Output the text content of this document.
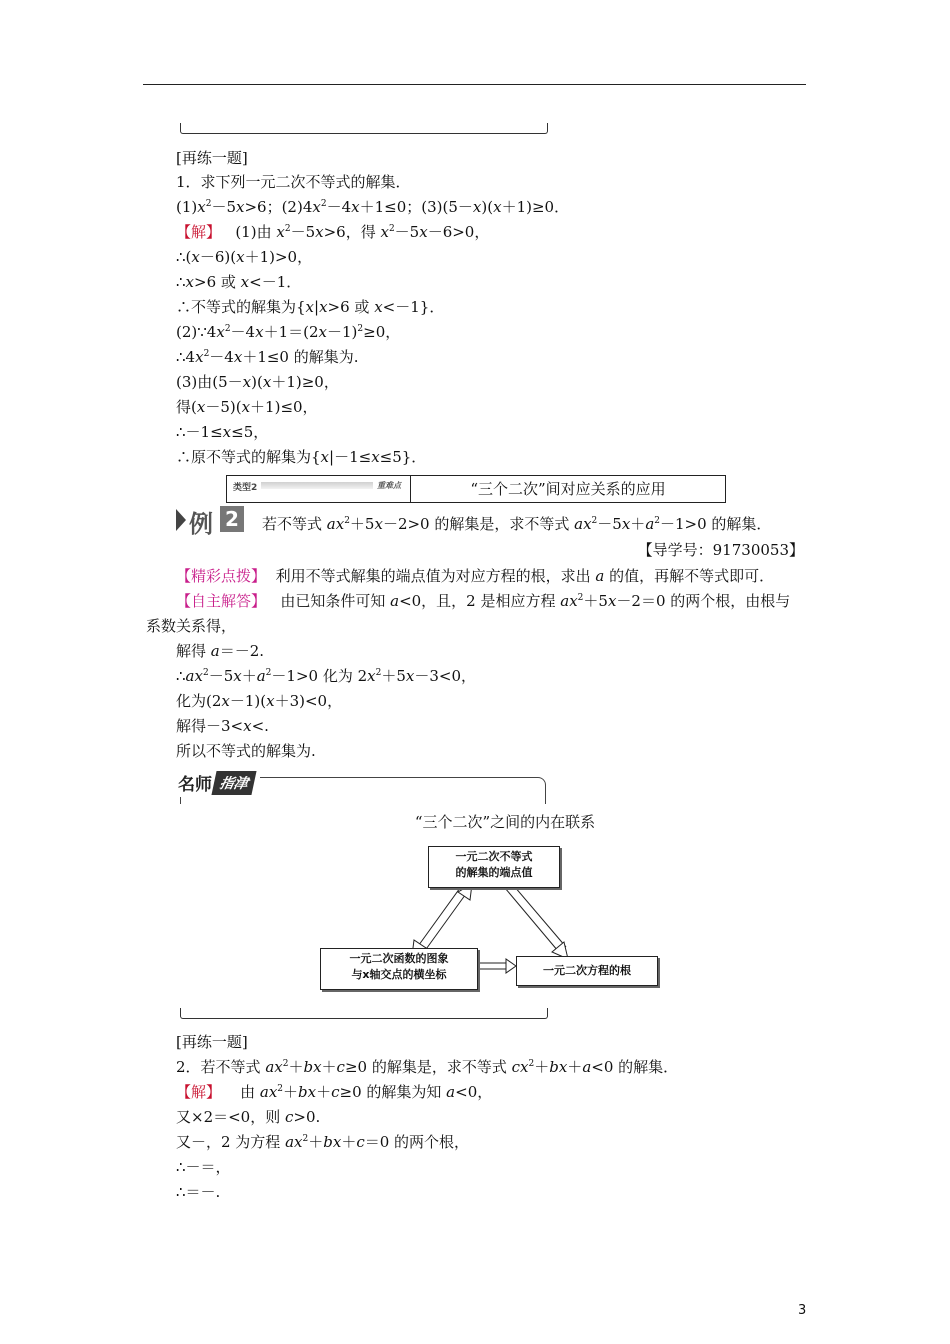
[再练一题]
1．求下列一元二次不等式的解集．
$(1)x^2-5x>6$；$(2)4x^2-4x+1\le 0$；(3)(5－x)(x＋1)≥0．
【解】 (1)由 $x^2-5x>6$，得 $x^2-5x-6>0$，
∴(x－6)(x＋1)>0，
∴x>6 或 x<－1．
∴不等式的解集为{x|x>6 或 x<－1}．
$(2)\because 4x^2-4x+1=(2x-1)^2\ge 0$，
$\therefore 4x^2-4x+1\le 0$ 的解集为.
(3)由(5－x)(x＋1)≥0，
得(x－5)(x＋1)≤0，
∴－1≤x≤5，
∴原不等式的解集为{x|－1≤x≤5}．
类型2	重难点	“三个二次”间对应关系的应用
例 2	若不等式 $ax^2+5x-2>0$ 的解集是，求不等式 $ax^2-5x+a^2-1>0$ 的解集．
【导学号：91730053】
【精彩点拨】 利用不等式解集的端点值为对应方程的根，求出 a 的值，再解不等式即可．
【自主解答】 由已知条件可知 a<0，且，2 是相应方程 $ax^2+5x-2=0$ 的两个根，由根与
系数关系得，
解得 a＝－2.
$\therefore ax^2-5x+a^2-1>0$ 化为 $2x^2+5x-3<0$，
化为(2x－1)(x＋3)<0，
解得－3<x<.
所以不等式的解集为.
名师 指津
“三个二次”之间的内在联系
一元二次不等式
的解集的端点值
一元二次函数的图象
与x轴交点的横坐标	一元二次方程的根
[再练一题]
2．若不等式 $ax^2+bx+c\ge 0$ 的解集是，求不等式 $cx^2+bx+a<0$ 的解集．
【解】 由 $ax^2+bx+c\ge 0$ 的解集为知 a<0，
又×2＝<0，则 c>0.
又－，2 为方程 $ax^2+bx+c=0$ 的两个根，
∴－＝，
∴＝－.
3
